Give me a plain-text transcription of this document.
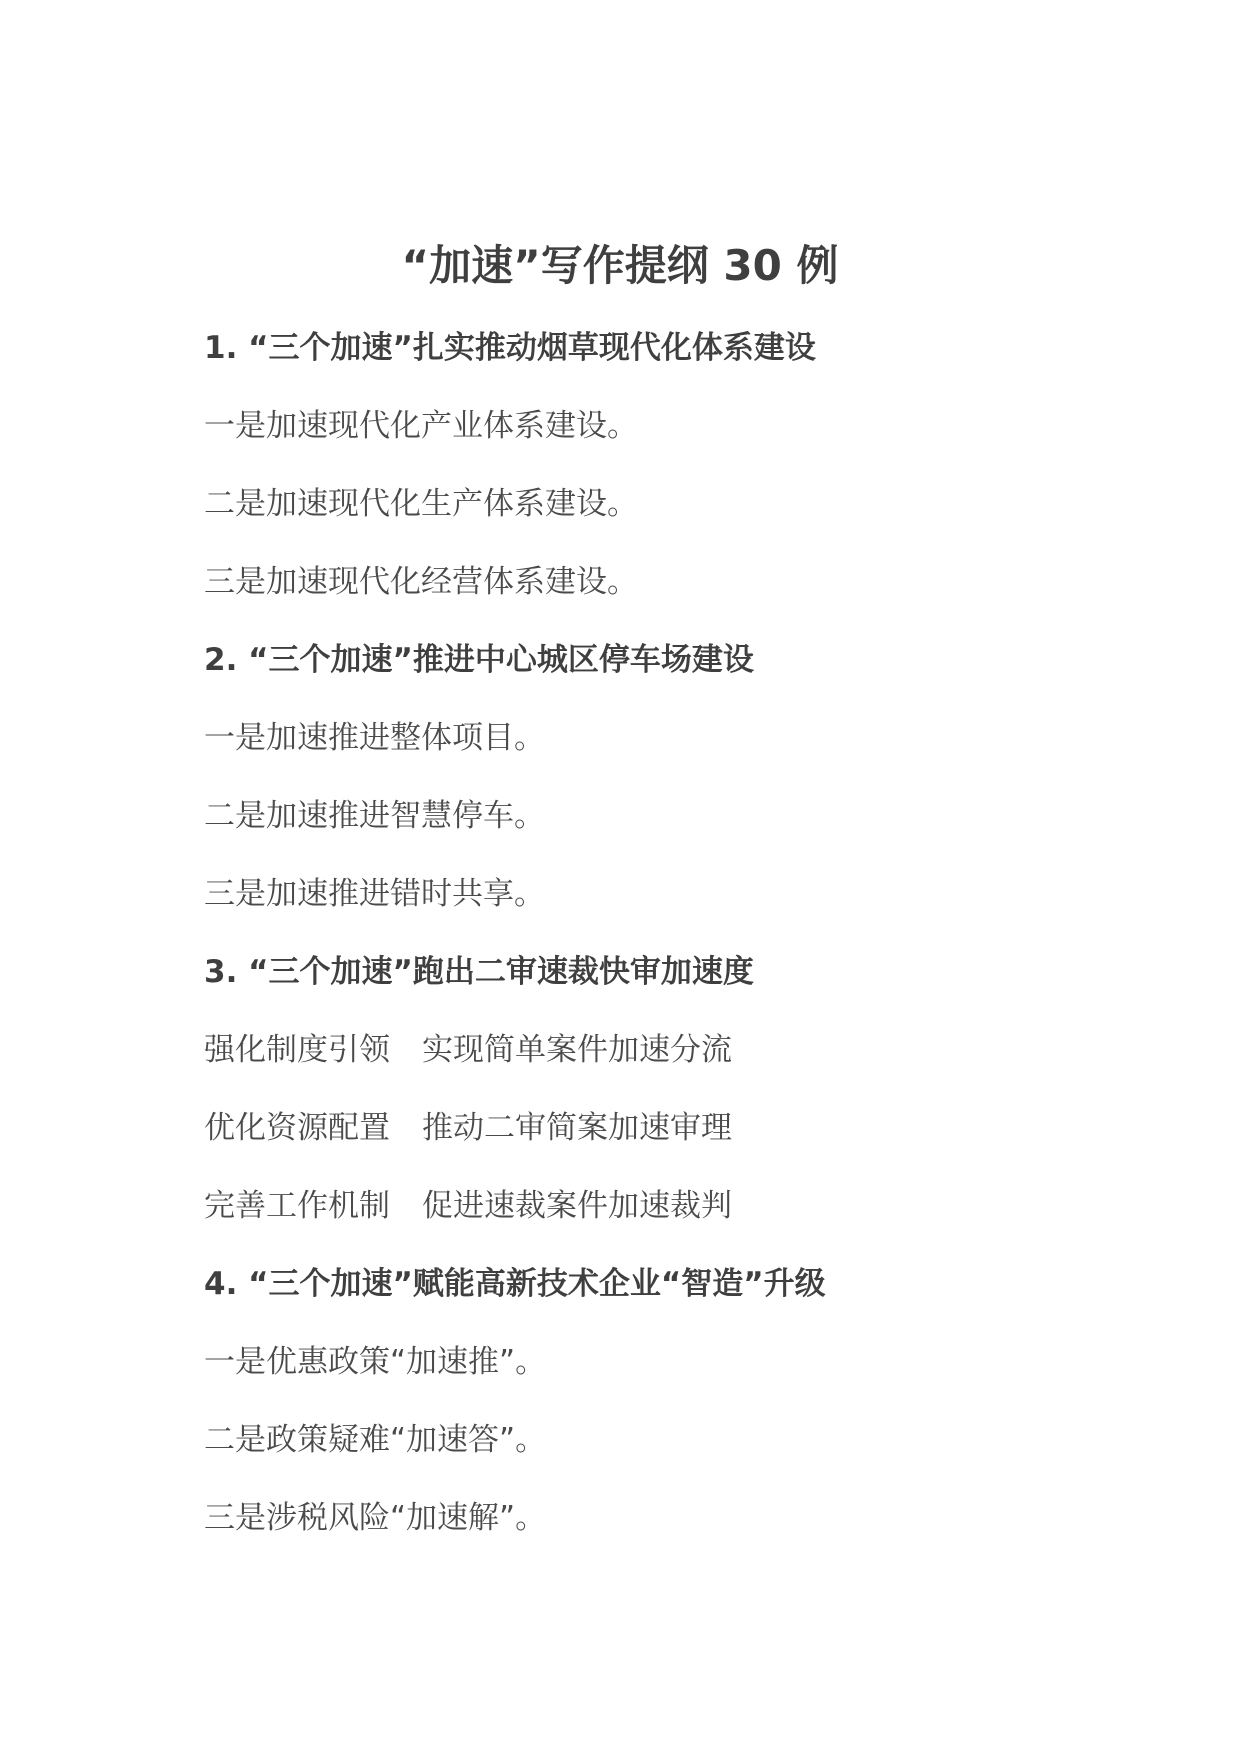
“加速”写作提纲 30 例
1. “三个加速”扎实推动烟草现代化体系建设
一是加速现代化产业体系建设。
二是加速现代化生产体系建设。
三是加速现代化经营体系建设。
2. “三个加速”推进中心城区停车场建设
一是加速推进整体项目。
二是加速推进智慧停车。
三是加速推进错时共享。
3. “三个加速”跑出二审速裁快审加速度
强化制度引领 实现简单案件加速分流
优化资源配置 推动二审简案加速审理
完善工作机制 促进速裁案件加速裁判
4. “三个加速”赋能高新技术企业“智造”升级
一是优惠政策“加速推”。
二是政策疑难“加速答”。
三是涉税风险“加速解”。
